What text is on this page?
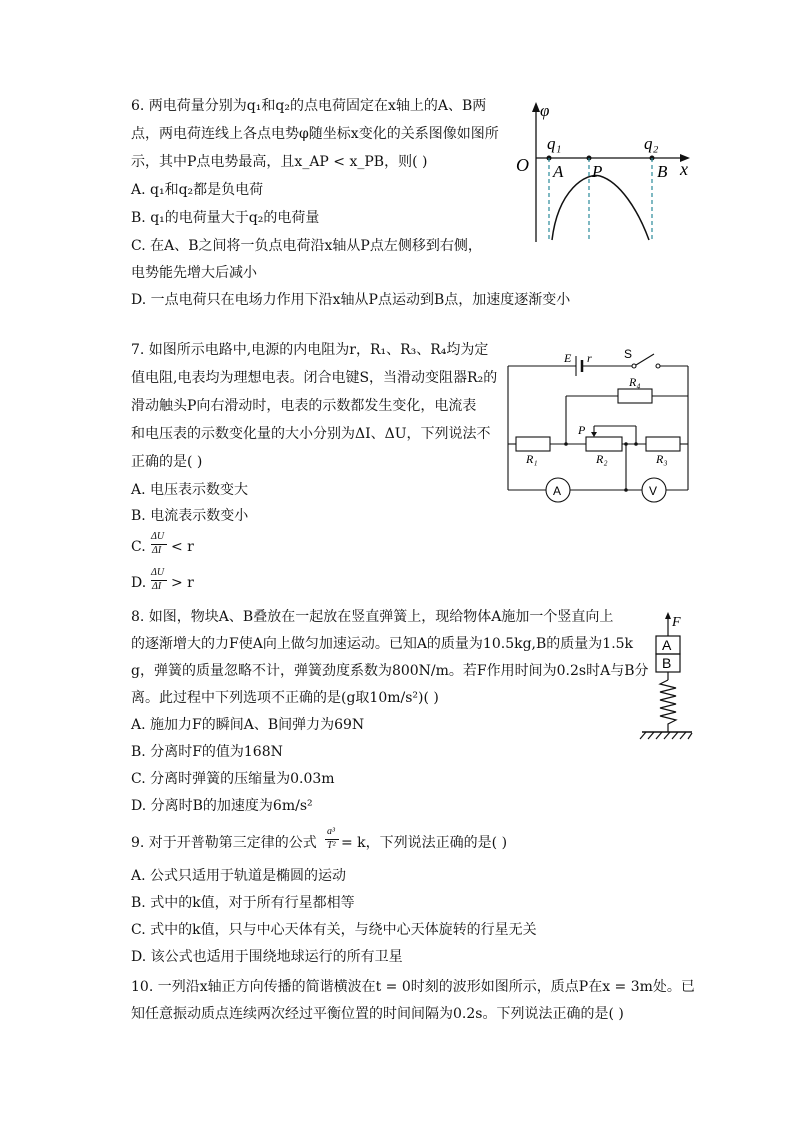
6. 两电荷量分别为q₁和q₂的点电荷固定在x轴上的A、B两
点，两电荷连线上各点电势φ随坐标x变化的关系图像如图所
示，其中P点电势最高，且x_AP < x_PB，则( )
A. q₁和q₂都是负电荷
B. q₁的电荷量大于q₂的电荷量
C. 在A、B之间将一负点电荷沿x轴从P点左侧移到右侧，
电势能先增大后减小
D. 一点电荷只在电场力作用下沿x轴从P点运动到B点，加速度逐渐变小
φ
O	x
q₁	q₂
A P	B
7. 如图所示电路中,电源的内电阻为r，R₁、R₃、R₄均为定
值电阻,电表均为理想电表。闭合电键S，当滑动变阻器R₂的
滑动触头P向右滑动时，电表的示数都发生变化，电流表
和电压表的示数变化量的大小分别为ΔI、ΔU，下列说法不
正确的是( )
A. 电压表示数变大
B. 电流表示数变小
C.
ΔU
ΔI < r
D.
ΔU
ΔI > r
E r	S
R₄
P
R₁	R₂	R₃
A	V
8. 如图，物块A、B叠放在一起放在竖直弹簧上，现给物体A施加一个竖直向上
的逐渐增大的力F使A向上做匀加速运动。已知A的质量为10.5kg,B的质量为1.5k
g，弹簧的质量忽略不计，弹簧劲度系数为800N/m。若F作用时间为0.2s时A与B分
离。此过程中下列选项不正确的是(g取10m/s²)( )
A. 施加力F的瞬间A、B间弹力为69N
B. 分离时F的值为168N
C. 分离时弹簧的压缩量为0.03m
D. 分离时B的加速度为6m/s²
F
A
B
9. 对于开普勒第三定律的公式
a³
T² = k，下列说法正确的是( )
A. 公式只适用于轨道是椭圆的运动
B. 式中的k值，对于所有行星都相等
C. 式中的k值，只与中心天体有关，与绕中心天体旋转的行星无关
D. 该公式也适用于围绕地球运行的所有卫星
10. 一列沿x轴正方向传播的简谐横波在t = 0时刻的波形如图所示，质点P在x = 3m处。已
知任意振动质点连续两次经过平衡位置的时间间隔为0.2s。下列说法正确的是( )
